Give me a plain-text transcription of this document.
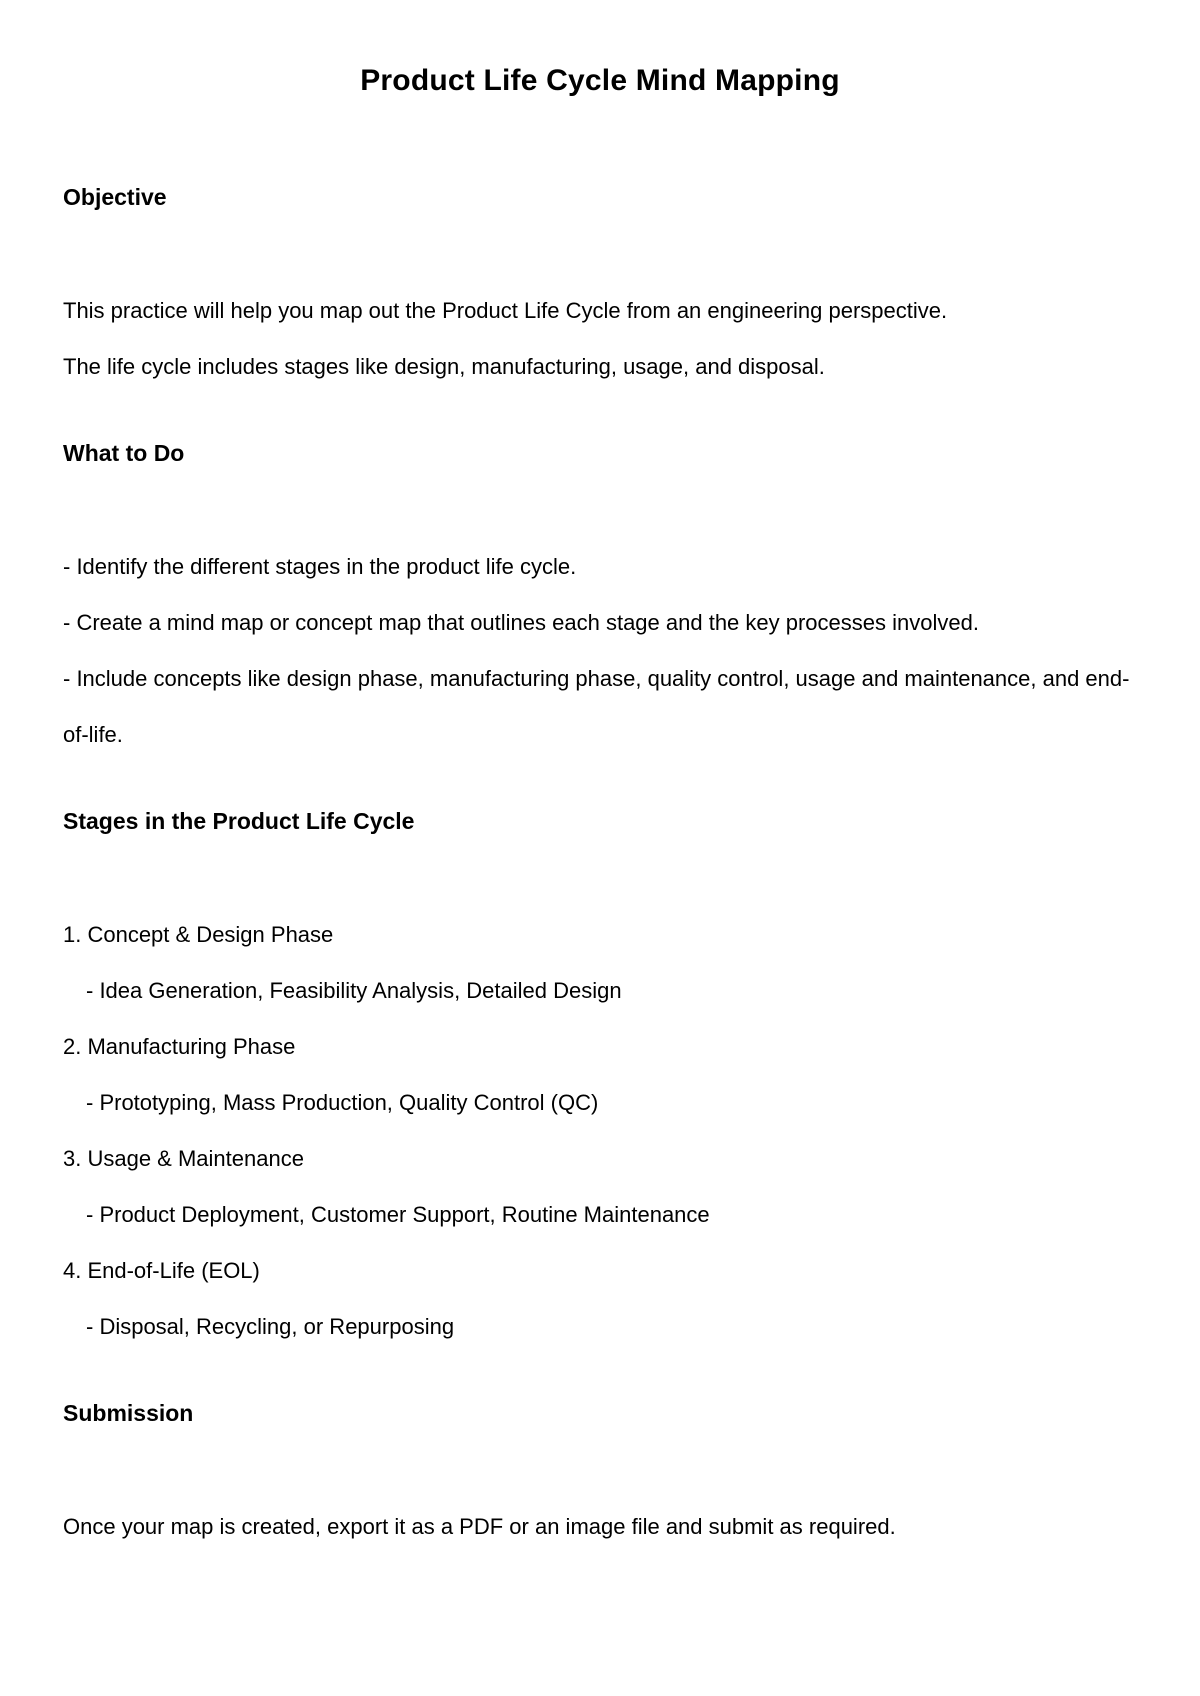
Product Life Cycle Mind Mapping
Objective

This practice will help you map out the Product Life Cycle from an engineering perspective.

The life cycle includes stages like design, manufacturing, usage, and disposal.

What to Do

- Identify the different stages in the product life cycle.

- Create a mind map or concept map that outlines each stage and the key processes involved.

- Include concepts like design phase, manufacturing phase, quality control, usage and maintenance, and end-of-life.

Stages in the Product Life Cycle

1. Concept & Design Phase

- Idea Generation, Feasibility Analysis, Detailed Design

2. Manufacturing Phase

- Prototyping, Mass Production, Quality Control (QC)

3. Usage & Maintenance

- Product Deployment, Customer Support, Routine Maintenance

4. End-of-Life (EOL)

- Disposal, Recycling, or Repurposing

Submission

Once your map is created, export it as a PDF or an image file and submit as required.
